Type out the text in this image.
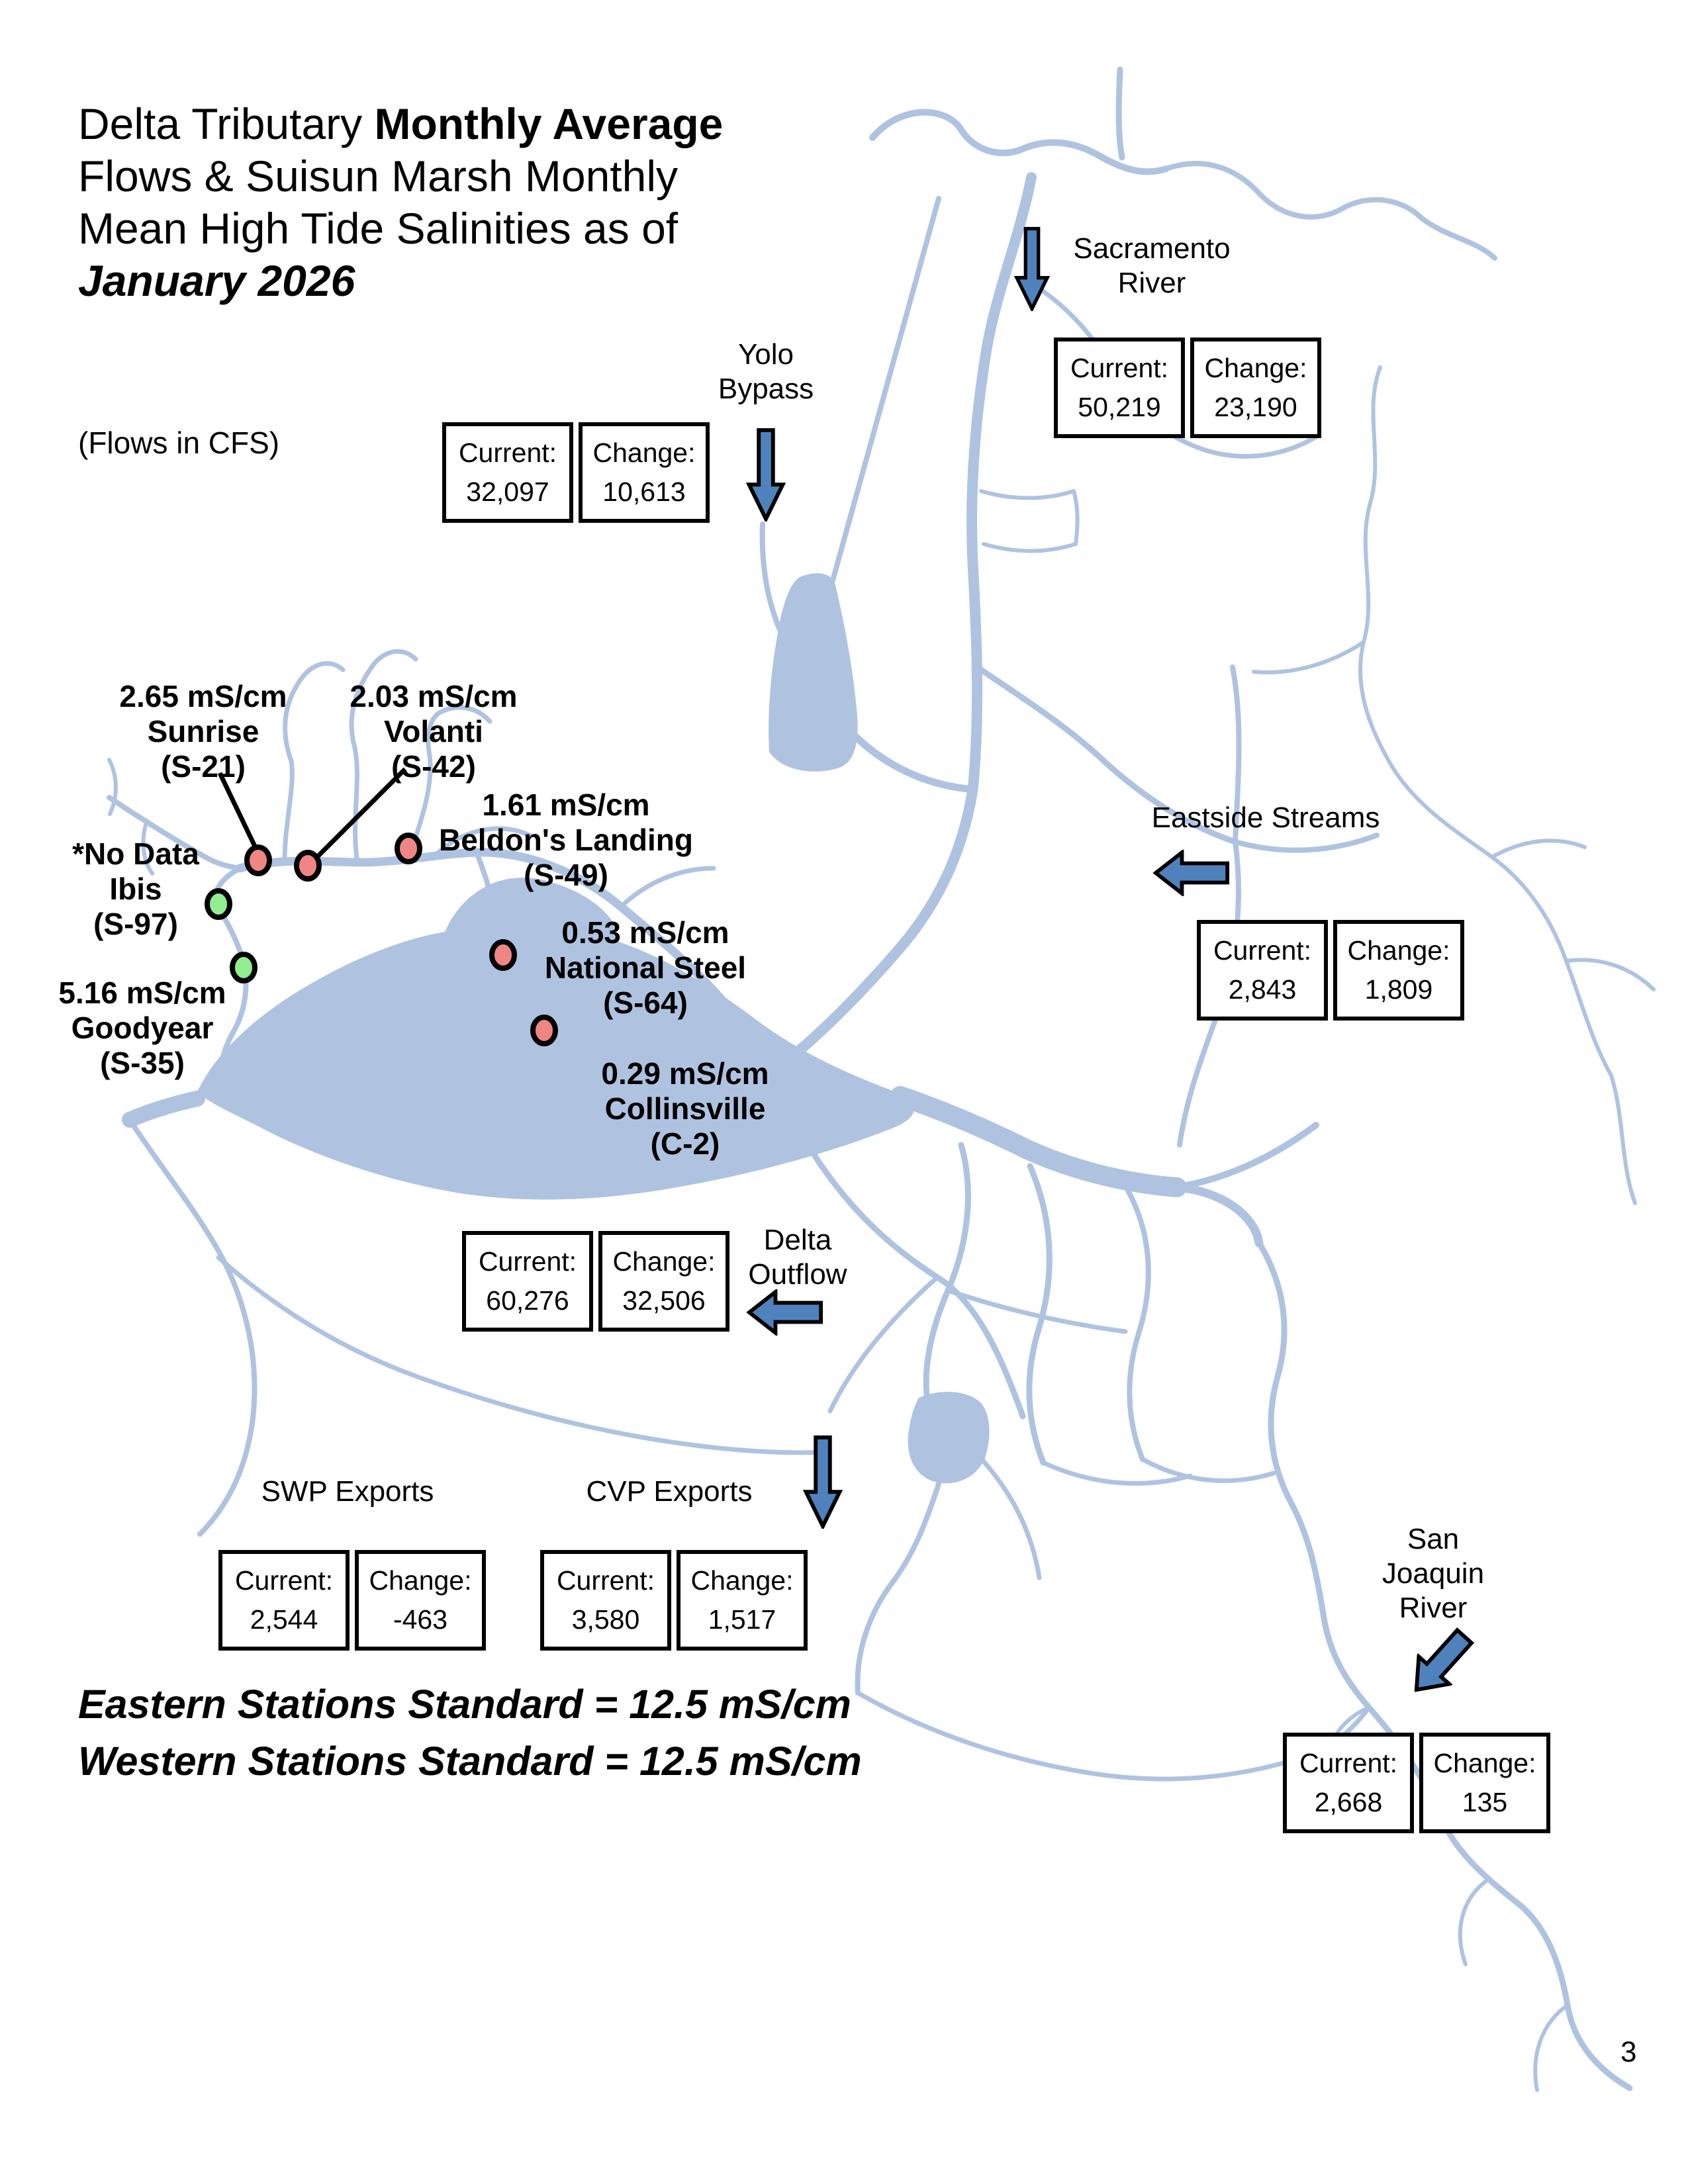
Delta Tributary Monthly Average
Flows & Suisun Marsh Monthly
Mean High Tide Salinities as of
January 2026
(Flows in CFS)
Yolo
Bypass
Current:
32,097
Change:
10,613
Sacramento
River
Current:
50,219
Change:
23,190
Eastside Streams
Current:
2,843
Change:
1,809
Delta
Outflow
Current:
60,276
Change:
32,506
SWP Exports
Current:
2,544
Change:
-463
CVP Exports
Current:
3,580
Change:
1,517
San
Joaquin
River
Current:
2,668
Change:
135
2.65 mS/cm
Sunrise
(S-21)
2.03 mS/cm
Volanti
(S-42)
1.61 mS/cm
Beldon's Landing
(S-49)
*No Data
Ibis
(S-97)
5.16 mS/cm
Goodyear
(S-35)
0.53 mS/cm
National Steel
(S-64)
0.29 mS/cm
Collinsville
(C-2)
Eastern Stations Standard = 12.5 mS/cm
Western Stations Standard = 12.5 mS/cm
3
